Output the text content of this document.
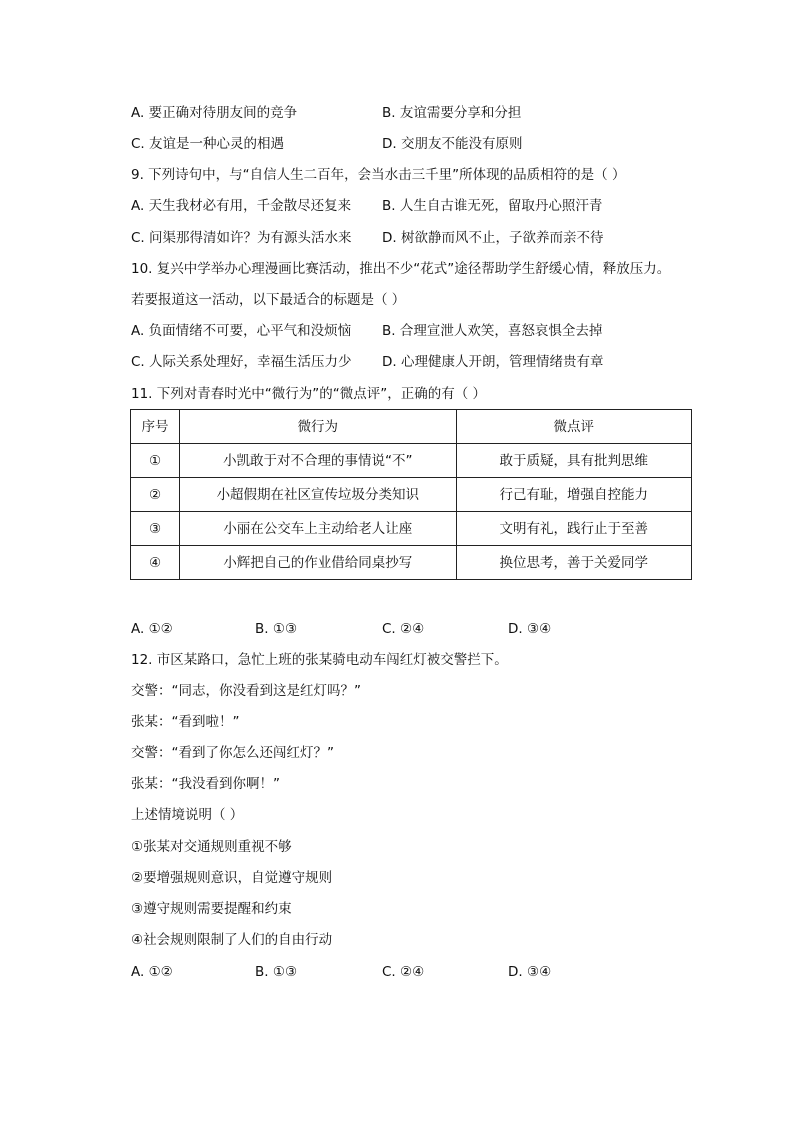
A. 要正确对待朋友间的竞争	B. 友谊需要分享和分担
C. 友谊是一种心灵的相遇	D. 交朋友不能没有原则
9. 下列诗句中，与“自信人生二百年，会当水击三千里”所体现的品质相符的是（ ）
A. 天生我材必有用，千金散尽还复来 B. 人生自古谁无死，留取丹心照汗青
C. 问渠那得清如许？为有源头活水来 D. 树欲静而风不止，子欲养而亲不待
10. 复兴中学举办心理漫画比赛活动，推出不少“花式”途径帮助学生舒缓心情，释放压力。
若要报道这一活动，以下最适合的标题是（ ）
A. 负面情绪不可要，心平气和没烦恼 B. 合理宣泄人欢笑，喜怒哀惧全去掉
C. 人际关系处理好，幸福生活压力少 D. 心理健康人开朗，管理情绪贵有章
11. 下列对青春时光中“微行为”的“微点评”，正确的有（ ）
序号	微行为	微点评
①	小凯敢于对不合理的事情说“不”	敢于质疑，具有批判思维
②	小超假期在社区宣传垃圾分类知识	行己有耻，增强自控能力
③	小丽在公交车上主动给老人让座	文明有礼，践行止于至善
④	小辉把自己的作业借给同桌抄写	换位思考，善于关爱同学
A. ①②	B. ①③	C. ②④	D. ③④
12. 市区某路口，急忙上班的张某骑电动车闯红灯被交警拦下。
交警：“同志，你没看到这是红灯吗？”
张某：“看到啦！”
交警：“看到了你怎么还闯红灯？”
张某：“我没看到你啊！”
上述情境说明（ ）
①张某对交通规则重视不够
②要增强规则意识，自觉遵守规则
③遵守规则需要提醒和约束
④社会规则限制了人们的自由行动
A. ①②	B. ①③	C. ②④	D. ③④
